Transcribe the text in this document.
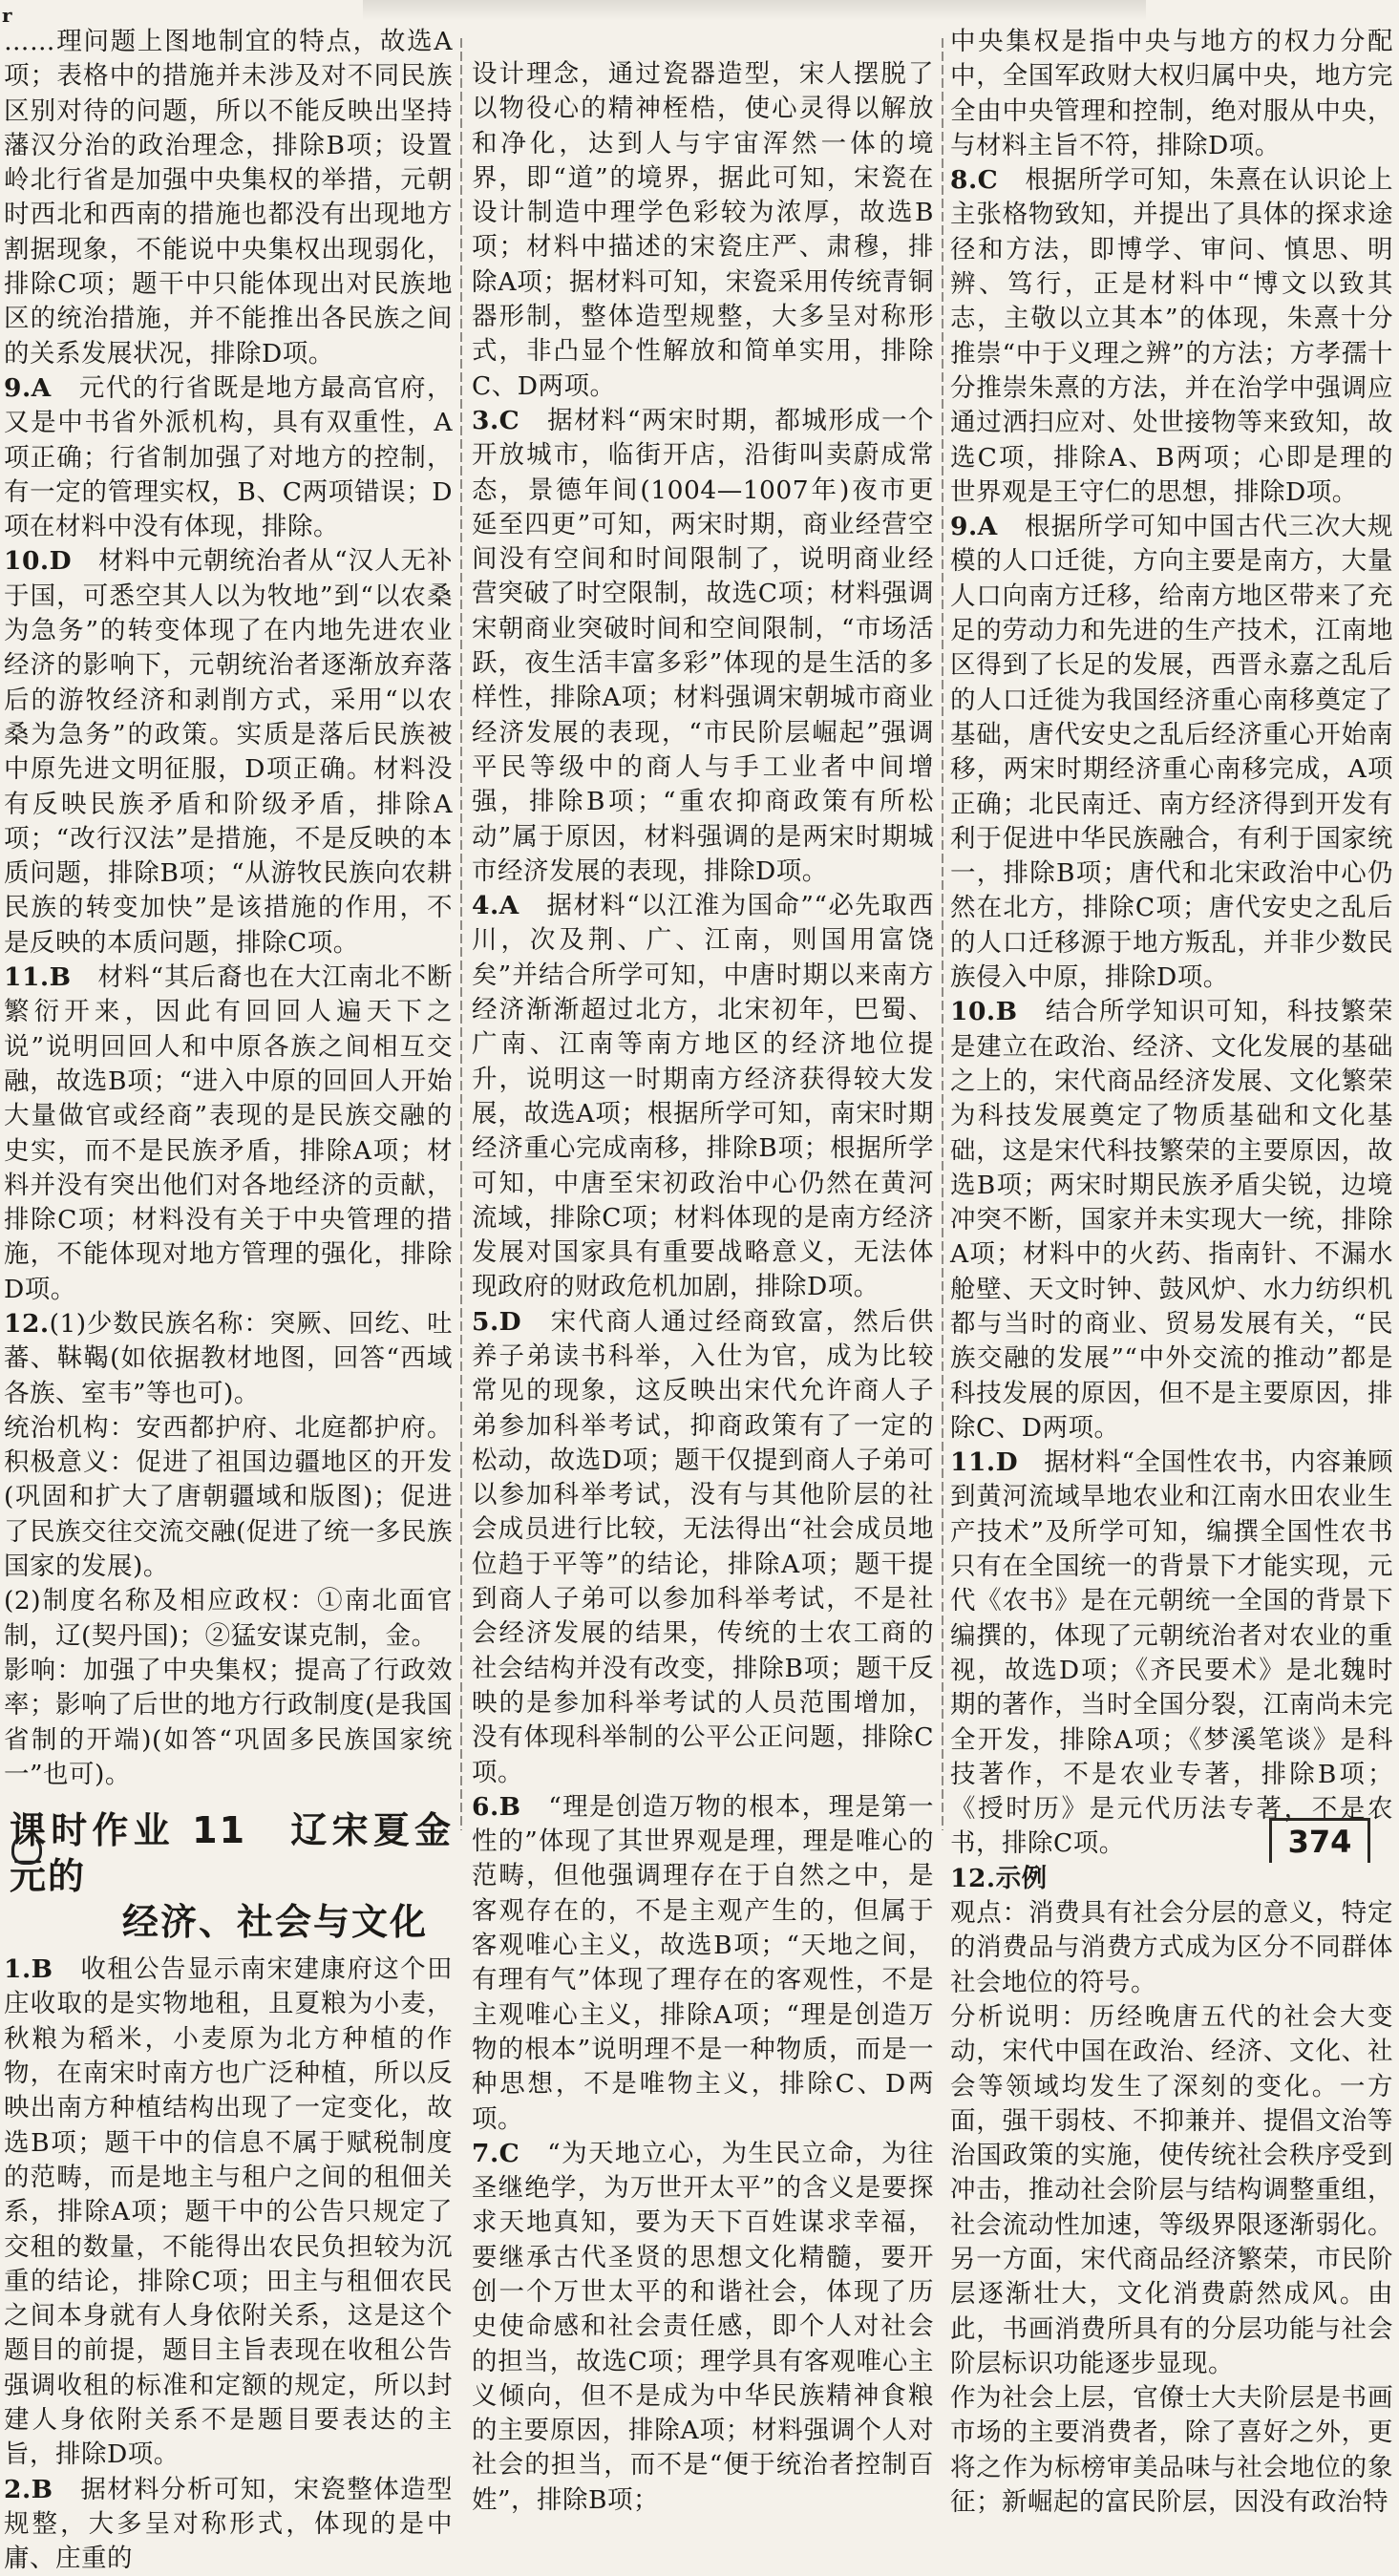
r
……理问题上图地制宜的特点，故选A项；表格中的措施并未涉及对不同民族区别对待的问题，所以不能反映出坚持藩汉分治的政治理念，排除B项；设置岭北行省是加强中央集权的举措，元朝时西北和西南的措施也都没有出现地方割据现象，不能说中央集权出现弱化，排除C项；题干中只能体现出对民族地区的统治措施，并不能推出各民族之间的关系发展状况，排除D项。
9.A　 元代的行省既是地方最高官府，又是中书省外派机构，具有双重性，A项正确；行省制加强了对地方的控制，有一定的管理实权，B、C两项错误；D项在材料中没有体现，排除。
10.D　 材料中元朝统治者从“汉人无补于国，可悉空其人以为牧地”到“以农桑为急务”的转变体现了在内地先进农业经济的影响下，元朝统治者逐渐放弃落后的游牧经济和剥削方式，采用“以农桑为急务”的政策。实质是落后民族被中原先进文明征服，D项正确。材料没有反映民族矛盾和阶级矛盾，排除A项；“改行汉法”是措施，不是反映的本质问题，排除B项；“从游牧民族向农耕民族的转变加快”是该措施的作用，不是反映的本质问题，排除C项。
11.B　 材料“其后裔也在大江南北不断繁衍开来，因此有回回人遍天下之说”说明回回人和中原各族之间相互交融，故选B项；“进入中原的回回人开始大量做官或经商”表现的是民族交融的史实，而不是民族矛盾，排除A项；材料并没有突出他们对各地经济的贡献，排除C项；材料没有关于中央管理的措施，不能体现对地方管理的强化，排除D项。

12.(1)少数民族名称：突厥、回纥、吐蕃、靺鞨(如依据教材地图，回答“西域各族、室韦”等也可)。

统治机构：安西都护府、北庭都护府。积极意义：促进了祖国边疆地区的开发(巩固和扩大了唐朝疆域和版图)；促进了民族交往交流交融(促进了统一多民族国家的发展)。

(2)制度名称及相应政权：①南北面官制，辽(契丹国)；②猛安谋克制，金。

影响：加强了中央集权；提高了行政效率；影响了后世的地方行政制度(是我国省制的开端)(如答“巩固多民族国家统一”也可)。

课时作业 11　辽宋夏金元的
经济、社会与文化
1.B　 收租公告显示南宋建康府这个田庄收取的是实物地租，且夏粮为小麦，秋粮为稻米，小麦原为北方种植的作物，在南宋时南方也广泛种植，所以反映出南方种植结构出现了一定变化，故选B项；题干中的信息不属于赋税制度的范畴，而是地主与租户之间的租佃关系，排除A项；题干中的公告只规定了交租的数量，不能得出农民负担较为沉重的结论，排除C项；田主与租佃农民之间本身就有人身依附关系，这是这个题目的前提，题目主旨表现在收租公告强调收租的标准和定额的规定，所以封建人身依附关系不是题目要表达的主旨，排除D项。
2.B　 据材料分析可知，宋瓷整体造型规整，大多呈对称形式，体现的是中庸、庄重的
设计理念，通过瓷器造型，宋人摆脱了以物役心的精神桎梏，使心灵得以解放和净化，达到人与宇宙浑然一体的境界，即“道”的境界，据此可知，宋瓷在设计制造中理学色彩较为浓厚，故选B项；材料中描述的宋瓷庄严、肃穆，排除A项；据材料可知，宋瓷采用传统青铜器形制，整体造型规整，大多呈对称形式，非凸显个性解放和简单实用，排除C、D两项。
3.C　 据材料“两宋时期，都城形成一个开放城市，临街开店，沿街叫卖蔚成常态，景德年间(1004—1007年)夜市更延至四更”可知，两宋时期，商业经营空间没有空间和时间限制了，说明商业经营突破了时空限制，故选C项；材料强调宋朝商业突破时间和空间限制，“市场活跃，夜生活丰富多彩”体现的是生活的多样性，排除A项；材料强调宋朝城市商业经济发展的表现，“市民阶层崛起”强调平民等级中的商人与手工业者中间增强，排除B项；“重农抑商政策有所松动”属于原因，材料强调的是两宋时期城市经济发展的表现，排除D项。
4.A　 据材料“以江淮为国命”“必先取西川，次及荆、广、江南，则国用富饶矣”并结合所学可知，中唐时期以来南方经济渐渐超过北方，北宋初年，巴蜀、广南、江南等南方地区的经济地位提升，说明这一时期南方经济获得较大发展，故选A项；根据所学可知，南宋时期经济重心完成南移，排除B项；根据所学可知，中唐至宋初政治中心仍然在黄河流域，排除C项；材料体现的是南方经济发展对国家具有重要战略意义，无法体现政府的财政危机加剧，排除D项。
5.D　 宋代商人通过经商致富，然后供养子弟读书科举，入仕为官，成为比较常见的现象，这反映出宋代允许商人子弟参加科举考试，抑商政策有了一定的松动，故选D项；题干仅提到商人子弟可以参加科举考试，没有与其他阶层的社会成员进行比较，无法得出“社会成员地位趋于平等”的结论，排除A项；题干提到商人子弟可以参加科举考试，不是社会经济发展的结果，传统的士农工商的社会结构并没有改变，排除B项；题干反映的是参加科举考试的人员范围增加，没有体现科举制的公平公正问题，排除C项。
6.B　 “理是创造万物的根本，理是第一性的”体现了其世界观是理，理是唯心的范畴，但他强调理存在于自然之中，是客观存在的，不是主观产生的，但属于客观唯心主义，故选B项；“天地之间，有理有气”体现了理存在的客观性，不是主观唯心主义，排除A项；“理是创造万物的根本”说明理不是一种物质，而是一种思想，不是唯物主义，排除C、D两项。
7.C　 “为天地立心，为生民立命，为往圣继绝学，为万世开太平”的含义是要探求天地真知，要为天下百姓谋求幸福，要继承古代圣贤的思想文化精髓，要开创一个万世太平的和谐社会，体现了历史使命感和社会责任感，即个人对社会的担当，故选C项；理学具有客观唯心主义倾向，但不是成为中华民族精神食粮的主要原因，排除A项；材料强调个人对社会的担当，而不是“便于统治者控制百姓”，排除B项；
中央集权是指中央与地方的权力分配中，全国军政财大权归属中央，地方完全由中央管理和控制，绝对服从中央，与材料主旨不符，排除D项。
8.C　 根据所学可知，朱熹在认识论上主张格物致知，并提出了具体的探求途径和方法，即博学、审问、慎思、明辨、笃行，正是材料中“博文以致其志，主敬以立其本”的体现，朱熹十分推崇“中于义理之辨”的方法；方孝孺十分推崇朱熹的方法，并在治学中强调应通过洒扫应对、处世接物等来致知，故选C项，排除A、B两项；心即是理的世界观是王守仁的思想，排除D项。
9.A　 根据所学可知中国古代三次大规模的人口迁徙，方向主要是南方，大量人口向南方迁移，给南方地区带来了充足的劳动力和先进的生产技术，江南地区得到了长足的发展，西晋永嘉之乱后的人口迁徙为我国经济重心南移奠定了基础，唐代安史之乱后经济重心开始南移，两宋时期经济重心南移完成，A项正确；北民南迁、南方经济得到开发有利于促进中华民族融合，有利于国家统一，排除B项；唐代和北宋政治中心仍然在北方，排除C项；唐代安史之乱后的人口迁移源于地方叛乱，并非少数民族侵入中原，排除D项。
10.B　 结合所学知识可知，科技繁荣是建立在政治、经济、文化发展的基础之上的，宋代商品经济发展、文化繁荣为科技发展奠定了物质基础和文化基础，这是宋代科技繁荣的主要原因，故选B项；两宋时期民族矛盾尖锐，边境冲突不断，国家并未实现大一统，排除A项；材料中的火药、指南针、不漏水舱壁、天文时钟、鼓风炉、水力纺织机都与当时的商业、贸易发展有关，“民族交融的发展”“中外交流的推动”都是科技发展的原因，但不是主要原因，排除C、D两项。
11.D　 据材料“全国性农书，内容兼顾到黄河流域旱地农业和江南水田农业生产技术”及所学可知，编撰全国性农书只有在全国统一的背景下才能实现，元代《农书》是在元朝统一全国的背景下编撰的，体现了元朝统治者对农业的重视，故选D项；《齐民要术》是北魏时期的著作，当时全国分裂，江南尚未完全开发，排除A项；《梦溪笔谈》是科技著作，不是农业专著，排除B项；《授时历》是元代历法专著，不是农书，排除C项。

12.示例

观点：消费具有社会分层的意义，特定的消费品与消费方式成为区分不同群体社会地位的符号。

分析说明：历经晚唐五代的社会大变动，宋代中国在政治、经济、文化、社会等领域均发生了深刻的变化。一方面，强干弱枝、不抑兼并、提倡文治等治国政策的实施，使传统社会秩序受到冲击，推动社会阶层与结构调整重组，社会流动性加速，等级界限逐渐弱化。另一方面，宋代商品经济繁荣，市民阶层逐渐壮大，文化消费蔚然成风。由此，书画消费所具有的分层功能与社会阶层标识功能逐步显现。

作为社会上层，官僚士大夫阶层是书画市场的主要消费者，除了喜好之外，更将之作为标榜审美品味与社会地位的象征；新崛起的富民阶层，因没有政治特

374
